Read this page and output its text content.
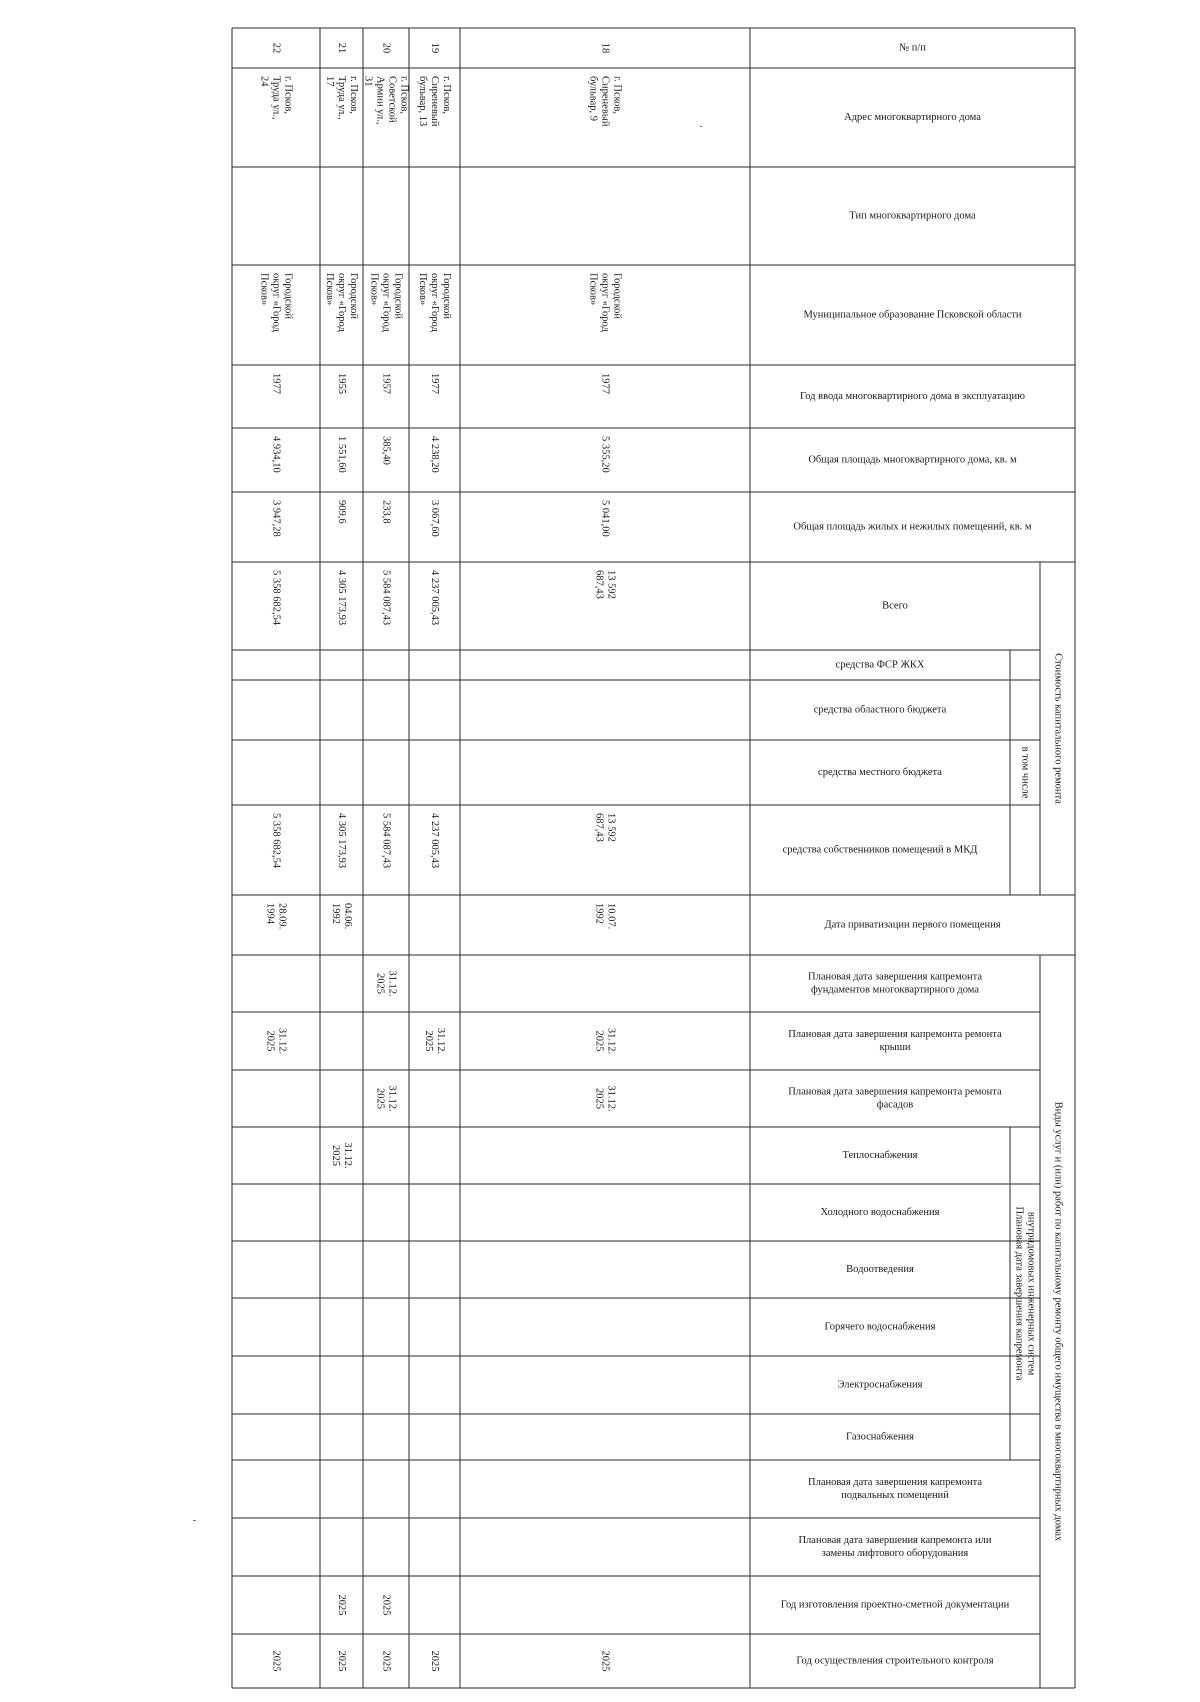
№ п/п
Адрес многоквартирного дома
Тип многоквартирного дома
Муниципальное образование Псковской области
Год ввода многоквартирного дома в эксплуатацию
Общая площадь многоквартирного дома, кв. м
Общая площадь жилых и нежилых помещений, кв. м
Всего
средства ФСР ЖКХ
средства областного бюджета
средства местного бюджета
средства собственников помещений в МКД
Дата приватизации первого помещения
Плановая дата завершения капремонта
фундаментов многоквартирного дома
Плановая дата завершения капремонта ремонта
крыши
Плановая дата завершения капремонта ремонта
фасадов
Теплоснабжения
Холодного водоснабжения
Водоотведения
Горячего водоснабжения
Электроснабжения
Газоснабжения
Плановая дата завершения капремонта
подвальных помещений
Плановая дата завершения капремонта или
замены лифтового оборудования
Год изготовления проектно-сметной документации
Год осуществления строительного контроля
Стоимость капитального ремонта
в том числе
Виды услуг и (или) работ по капитальному ремонту общего имущества в многоквартирных домах
Плановая дата завершения капремонта внутридомовых инженерных систем
18
г. Псков,
Сиреневый
бульвар, 9
Городской
округ «Город
Псков»
1977
5 355,20
5 041,00
13 592
687,43
13 592
687,43
10.07.
1992
31.12.
2025
31.12.
2025
2025
19
г. Псков,
Сиреневый
бульвар, 13
Городской
округ «Город
Псков»
1977
4 238,20
3 067,60
4 237 005,43
4 237 005,43
31.12.
2025
2025
20
г. Псков,
Советской
Армии ул.,
31
Городской
округ «Город
Псков»
1957
385,40
233,8
5 584 087,43
5 584 087,43
31.12.
2025
31.12.
2025
2025
2025
21
г. Псков,
Труда ул.,
17
Городской
округ «Город
Псков»
1955
1 551,60
909,6
4 305 173,93
4 305 173,93
04.06.
1992
31.12.
2025
2025
2025
22
г. Псков,
Труда ул.,
24
Городской
округ «Город
Псков»
1977
4 934,10
3 947,28
5 358 682,54
5 358 682,54
28.09.
1994
31.12.
2025
2025
